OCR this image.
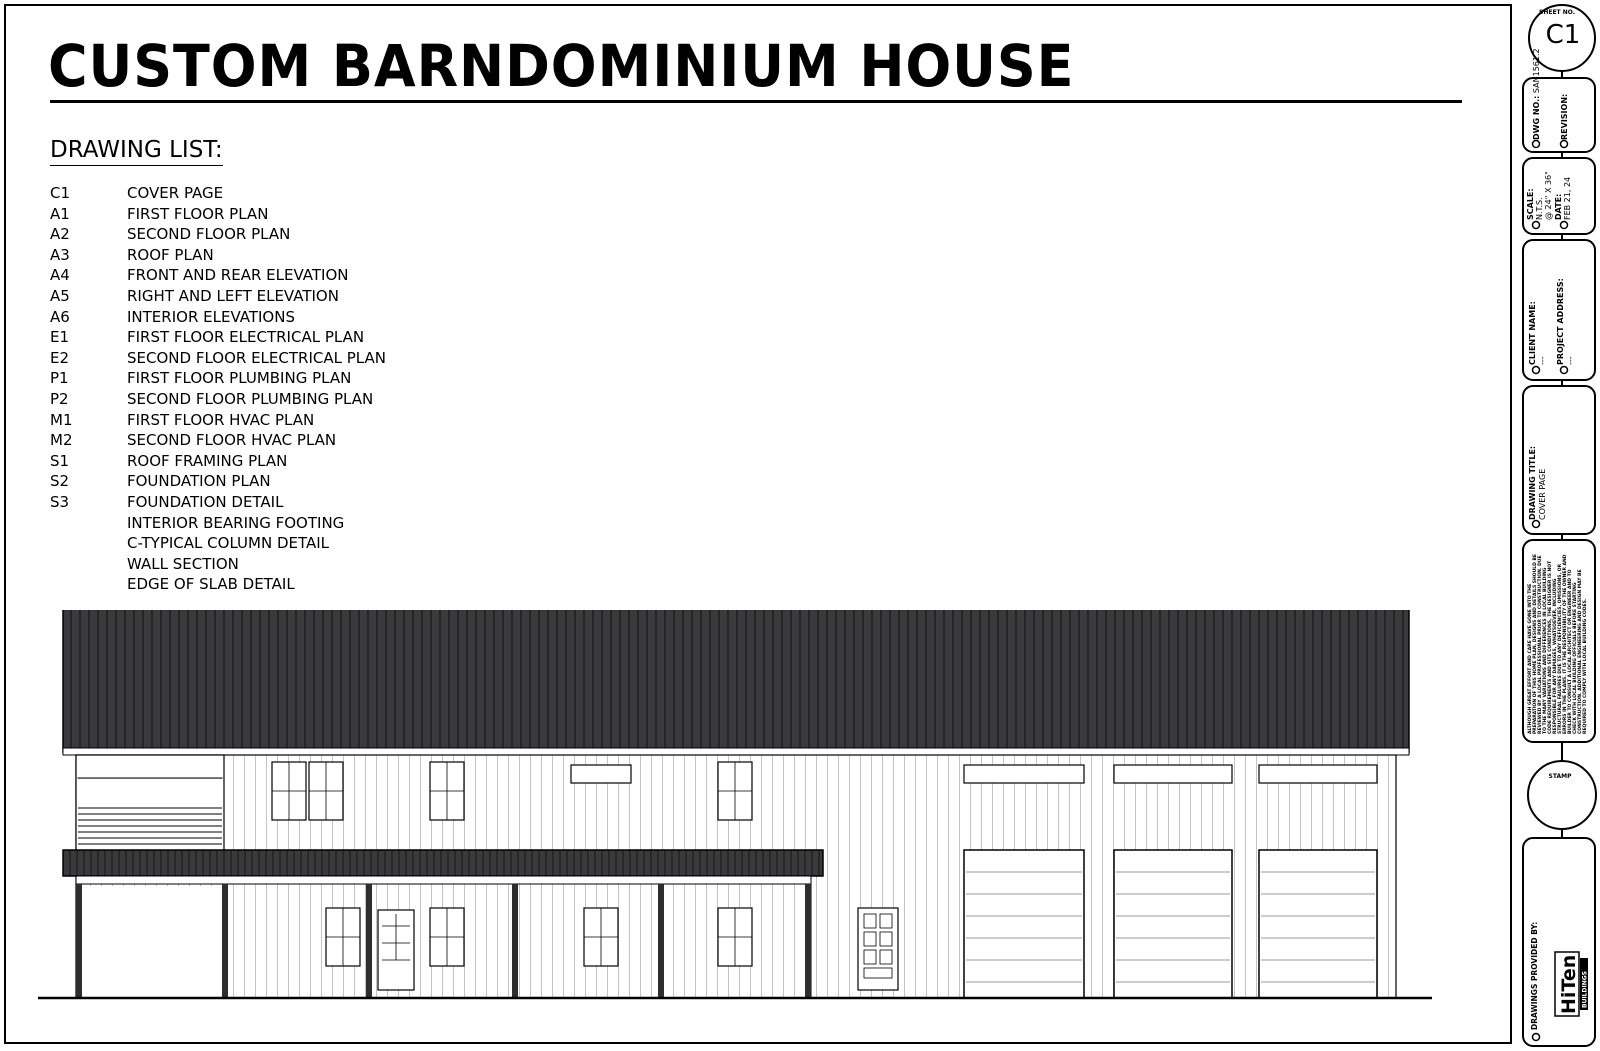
CUSTOM BARNDOMINIUM HOUSE
DRAWING LIST:
C1	COVER PAGE
A1	FIRST FLOOR PLAN
A2	SECOND FLOOR PLAN
A3	ROOF PLAN
A4	FRONT AND REAR ELEVATION
A5	RIGHT AND LEFT ELEVATION
A6	INTERIOR ELEVATIONS
E1	FIRST FLOOR ELECTRICAL PLAN
E2	SECOND FLOOR ELECTRICAL PLAN
P1	FIRST FLOOR PLUMBING PLAN
P2	SECOND FLOOR PLUMBING PLAN
M1	FIRST FLOOR HVAC PLAN
M2	SECOND FLOOR HVAC PLAN
S1	ROOF FRAMING PLAN
S2	FOUNDATION PLAN
S3	FOUNDATION DETAIL
INTERIOR BEARING FOOTING
C-TYPICAL COLUMN DETAIL
WALL SECTION
EDGE OF SLAB DETAIL
SHEET NO.
C1
DWG NO.: SAN1561.2
REVISION:
SCALE: N.T.S. @ 24" X 36" DATE: FEB 21, 24
CLIENT NAME: --- PROJECT ADDRESS: ---
DRAWING TITLE: COVER PAGE
ALTHOUGH GREAT EFFORT AND CARE HAVE GONE INTO THE PREPARATION OF THIS HOME PLAN, DESIGNS AND DETAILS SHOULD BE REVIEWED BY A LOCAL PROFESSIONAL PRIOR TO CONSTRUCTION. DUE TO THE MANY VARIATIONS AND DIFFERENCES IN LOCAL BUILDING CODE REQUIREMENTS AND SITE CONDITIONS, THE DESIGNER IS NOT RESPONSIBLE FOR ANY DAMAGES, WHATSOEVER, INCLUDING STRUCTURAL FAILURES DUE TO ANY DEFICIENCIES, OMISSIONS, OR ERRORS IN THE PLANS. IT IS THE RESPONSIBILITY OF THE OWNER AND BUILDER TO CONSULT A LOCAL ARCHITECT OR ENGINEER AND TO CHECK WITH LOCAL BUILDING OFFICIALS BEFORE STARTING CONSTRUCTION. ADDITIONAL ENGINEERING AND DESIGN MAY BE REQUIRED TO COMPLY WITH LOCAL BUILDING CODES.
STAMP
DRAWINGS PROVIDED BY: HiTen BUILDINGS
